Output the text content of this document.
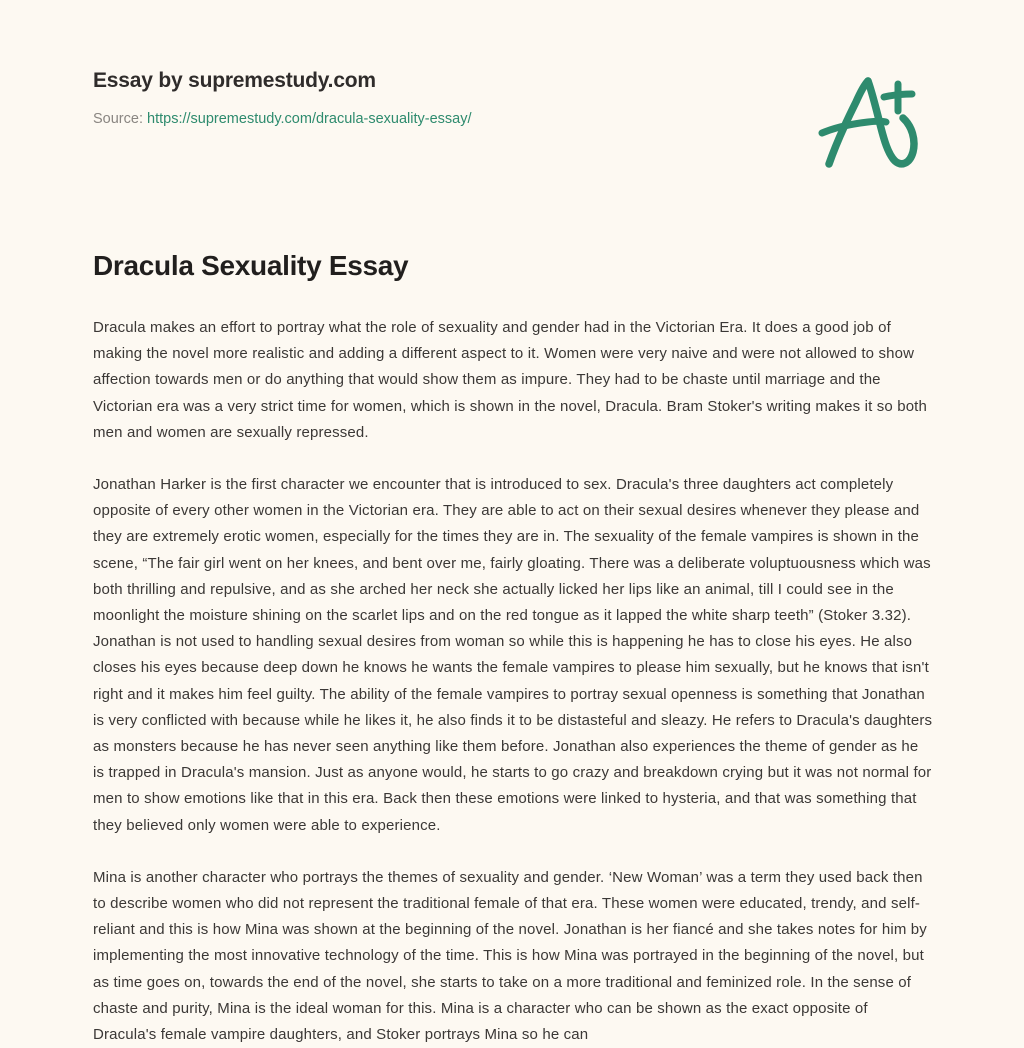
Essay by supremestudy.com
Source: https://supremestudy.com/dracula-sexuality-essay/
Dracula Sexuality Essay

Dracula makes an effort to portray what the role of sexuality and gender had in the Victorian Era. It does a good job of making the novel more realistic and adding a different aspect to it. Women were very naive and were not allowed to show affection towards men or do anything that would show them as impure. They had to be chaste until marriage and the Victorian era was a very strict time for women, which is shown in the novel, Dracula. Bram Stoker's writing makes it so both men and women are sexually repressed.

Jonathan Harker is the first character we encounter that is introduced to sex. Dracula's three daughters act completely opposite of every other women in the Victorian era. They are able to act on their sexual desires whenever they please and they are extremely erotic women, especially for the times they are in. The sexuality of the female vampires is shown in the scene, “The fair girl went on her knees, and bent over me, fairly gloating. There was a deliberate voluptuousness which was both thrilling and repulsive, and as she arched her neck she actually licked her lips like an animal, till I could see in the moonlight the moisture shining on the scarlet lips and on the red tongue as it lapped the white sharp teeth” (Stoker 3.32). Jonathan is not used to handling sexual desires from woman so while this is happening he has to close his eyes. He also closes his eyes because deep down he knows he wants the female vampires to please him sexually, but he knows that isn't right and it makes him feel guilty. The ability of the female vampires to portray sexual openness is something that Jonathan is very conflicted with because while he likes it, he also finds it to be distasteful and sleazy. He refers to Dracula's daughters as monsters because he has never seen anything like them before. Jonathan also experiences the theme of gender as he is trapped in Dracula's mansion. Just as anyone would, he starts to go crazy and breakdown crying but it was not normal for men to show emotions like that in this era. Back then these emotions were linked to hysteria, and that was something that they believed only women were able to experience.

Mina is another character who portrays the themes of sexuality and gender. ‘New Woman’ was a term they used back then to describe women who did not represent the traditional female of that era. These women were educated, trendy, and self-reliant and this is how Mina was shown at the beginning of the novel. Jonathan is her fiancé and she takes notes for him by implementing the most innovative technology of the time. This is how Mina was portrayed in the beginning of the novel, but as time goes on, towards the end of the novel, she starts to take on a more traditional and feminized role. In the sense of chaste and purity, Mina is the ideal woman for this. Mina is a character who can be shown as the exact opposite of Dracula's female vampire daughters, and Stoker portrays Mina so he can
